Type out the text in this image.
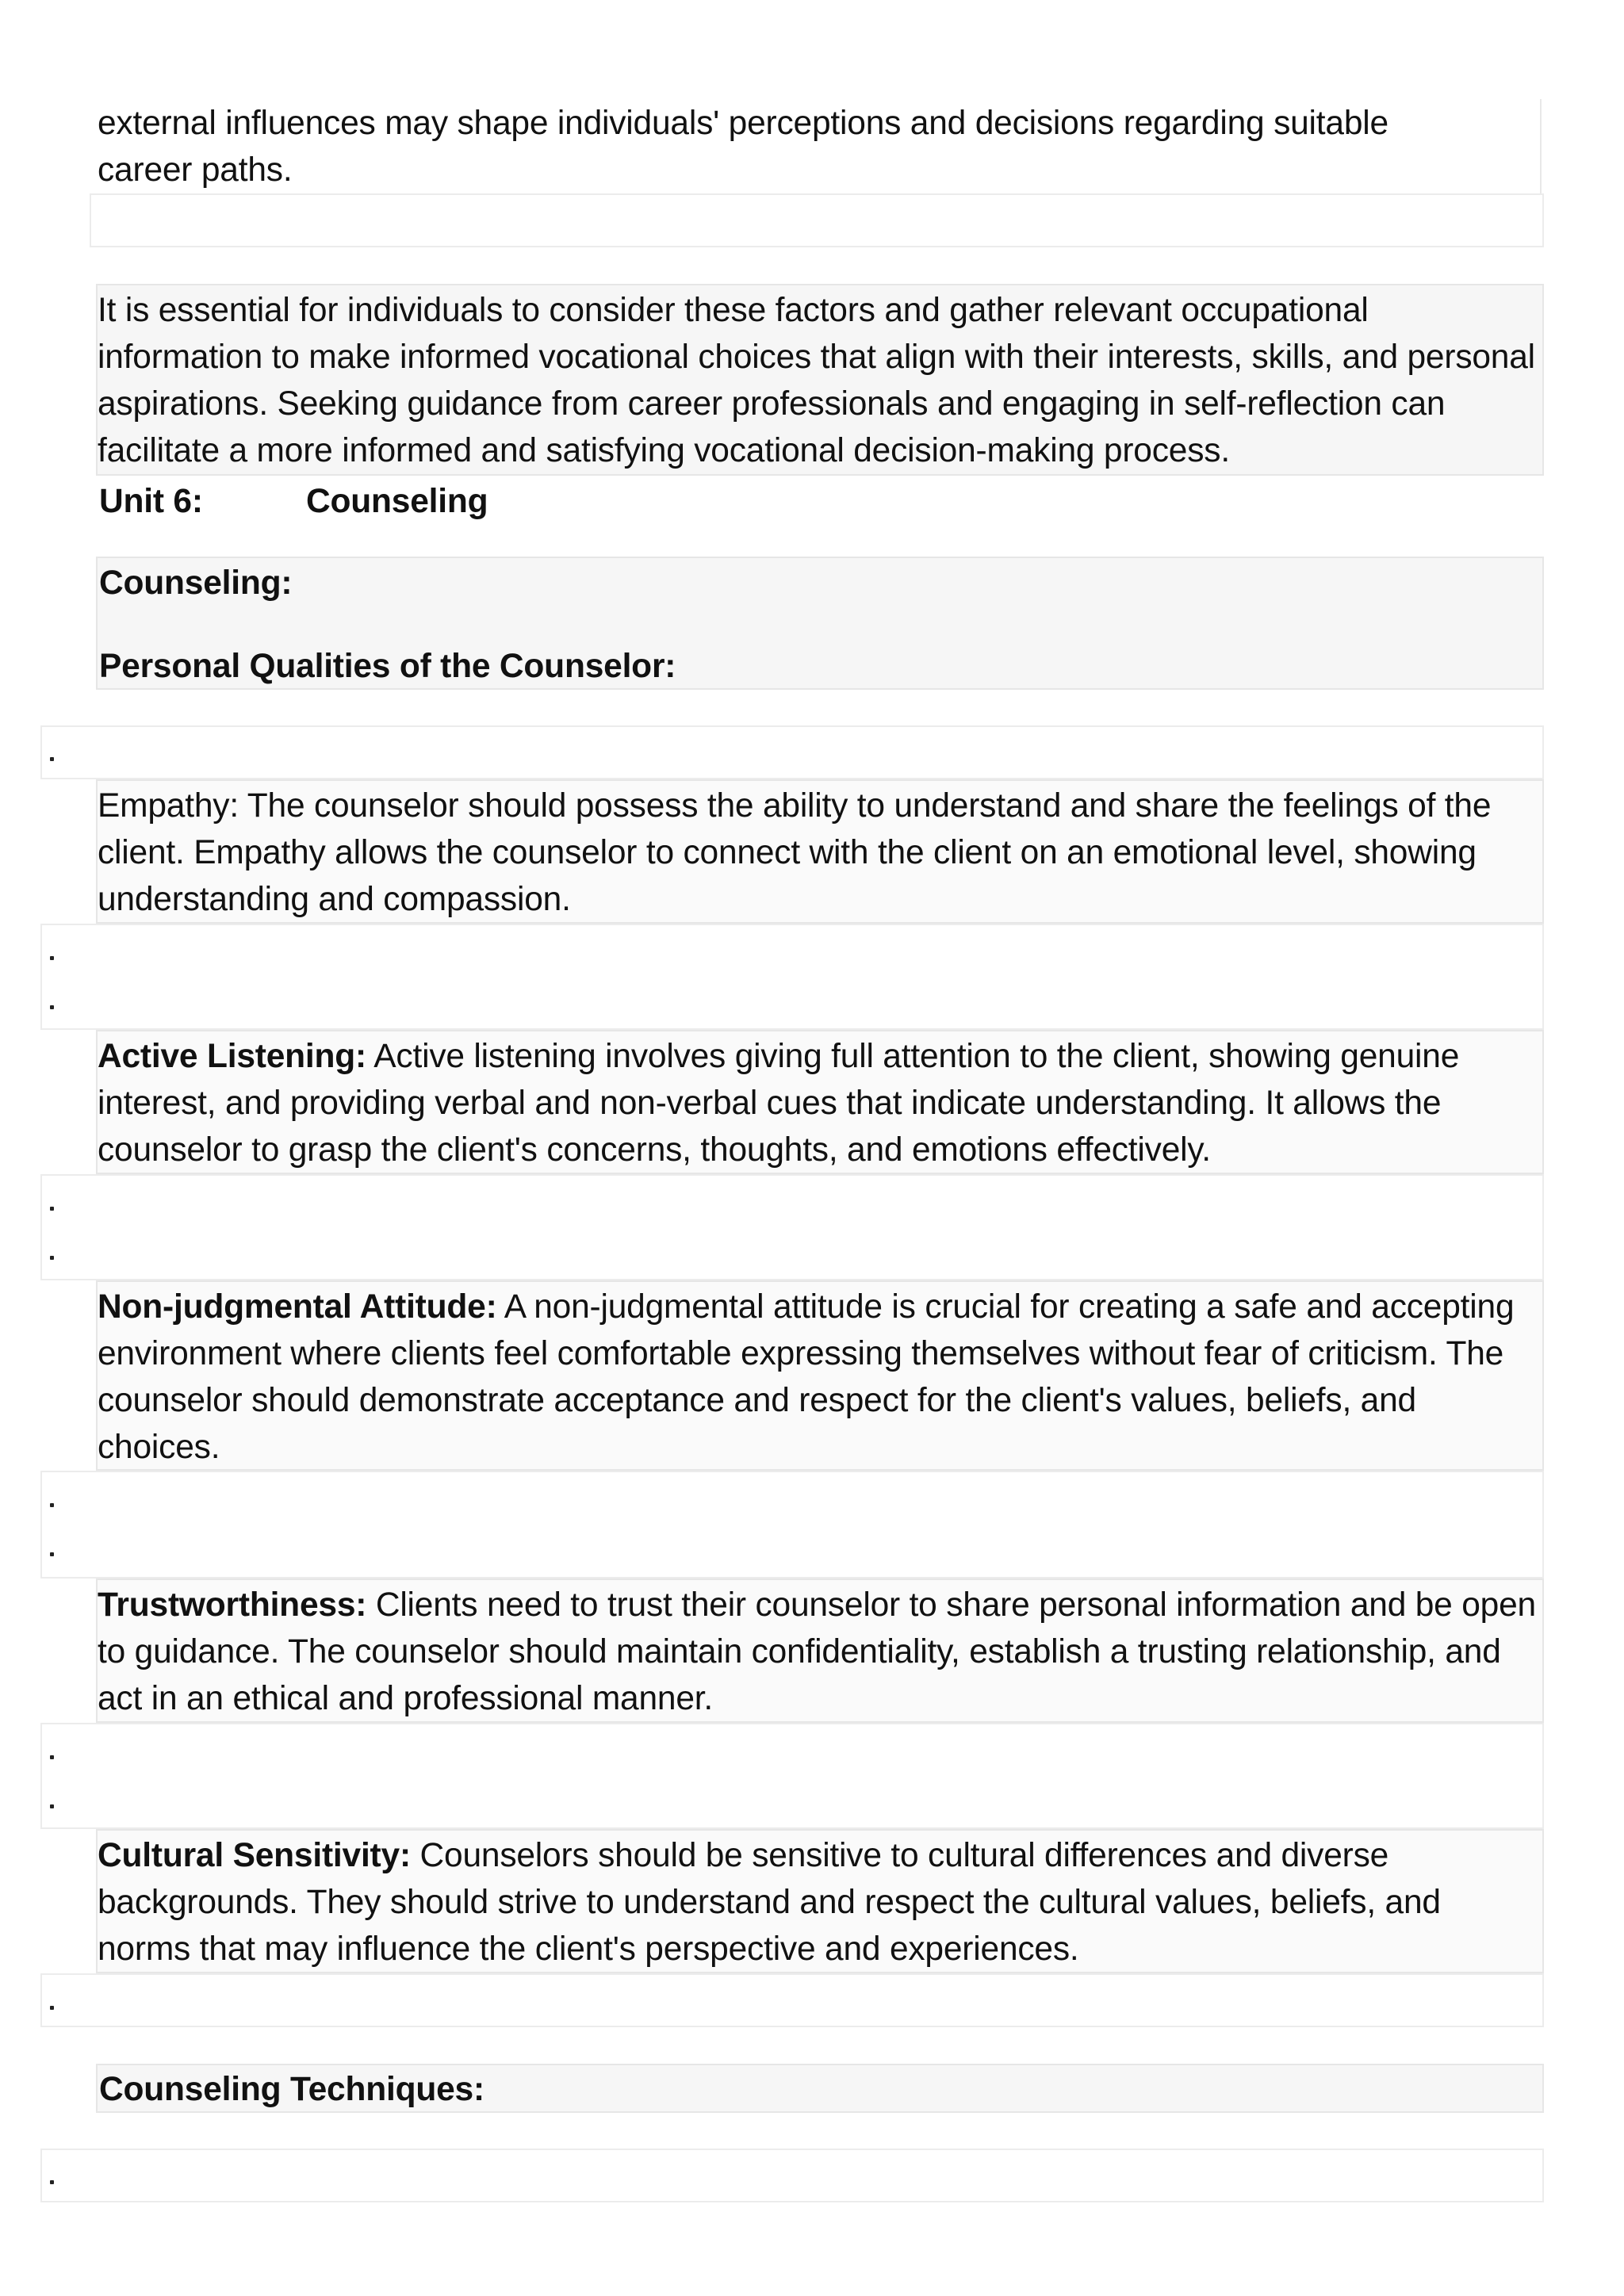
external influences may shape individuals' perceptions and decisions regarding suitable career paths.
It is essential for individuals to consider these factors and gather relevant occupational information to make informed vocational choices that align with their interests, skills, and personal aspirations. Seeking guidance from career professionals and engaging in self-reflection can facilitate a more informed and satisfying vocational decision-making process.
Unit 6:	Counseling
Counseling:
Personal Qualities of the Counselor:
Empathy: The counselor should possess the ability to understand and share the feelings of the client. Empathy allows the counselor to connect with the client on an emotional level, showing understanding and compassion.
Active Listening: Active listening involves giving full attention to the client, showing genuine interest, and providing verbal and non-verbal cues that indicate understanding. It allows the counselor to grasp the client's concerns, thoughts, and emotions effectively.
Non-judgmental Attitude: A non-judgmental attitude is crucial for creating a safe and accepting environment where clients feel comfortable expressing themselves without fear of criticism. The counselor should demonstrate acceptance and respect for the client's values, beliefs, and choices.
Trustworthiness: Clients need to trust their counselor to share personal information and be open to guidance. The counselor should maintain confidentiality, establish a trusting relationship, and act in an ethical and professional manner.
Cultural Sensitivity: Counselors should be sensitive to cultural differences and diverse backgrounds. They should strive to understand and respect the cultural values, beliefs, and norms that may influence the client's perspective and experiences.
Counseling Techniques:
